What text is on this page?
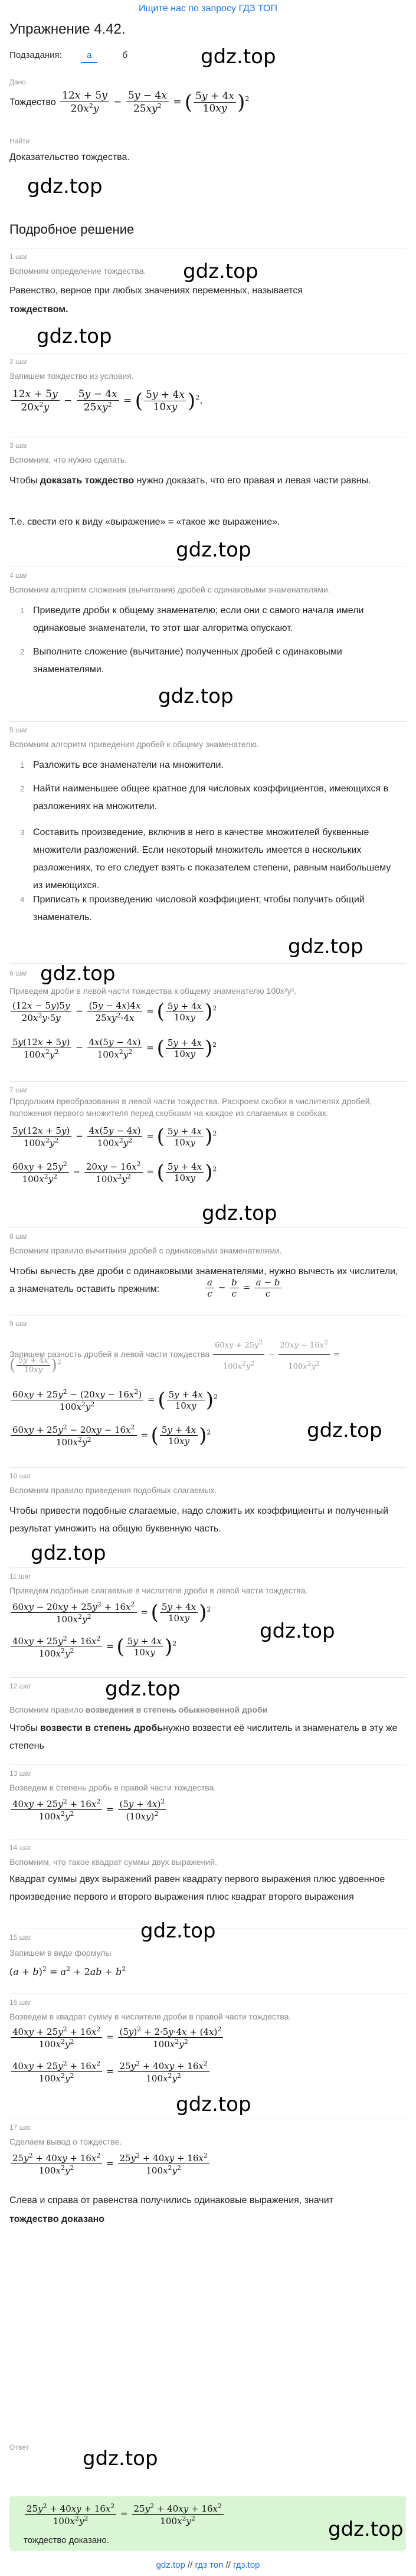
Ищите нас по запросу ГДЗ ТОП
Упражнение 4.42.
Подзадания:	а	б	gdz.top
Дано
Тождество $\frac{12x + 5y}{20x^2y} - \frac{5y - 4x}{25xy^2}$ = ( $\frac{5y + 4x}{10xy} )^2$
Найти
Доказательство тождества.
gdz.top
Подробное решение
1 шаг
Вспомним определение тождества.	gdz.top
Равенство, верное при любых значениях переменных, называется
тождеством.
gdz.top
2 шаг
Запишем тождество из условия.
$\frac{12x + 5y}{20x^2y} - \frac{5y - 4x}{25xy^2}$ = ( $\frac{5y + 4x}{10xy} )^2$.
3 шаг
Вспомним, что нужно сделать.
Чтобы доказать тождество нужно доказать, что его правая и левая части равны.
Т.е. свести его к виду «выражение» = «такое же выражение».
gdz.top
4 шаг
Вспомним алгоритм сложения (вычитания) дробей с одинаковыми знаменателями.
1 Приведите дроби к общему знаменателю; если они с самого начала имели одинаковые знаменатели, то этот шаг алгоритма опускают.
2 Выполните сложение (вычитание) полученных дробей с одинаковыми знаменателями.
gdz.top
5 шаг
Вспомним алгоритм приведения дробей к общему знаменателю.
1 Разложить все знаменатели на множители.
2 Найти наименьшее общее кратное для числовых коэффициентов, имеющихся в разложениях на множители.
3 Составить произведение, включив в него в качестве множителей буквенные множители разложений. Если некоторый множитель имеется в нескольких разложениях, то его следует взять с показателем степени, равным наибольшему из имеющихся.
4 Приписать к произведению числовой коэффициент, чтобы получить общий знаменатель.
gdz.top
6 шаг gdz.top
Приведем дроби в левой части тождества к общему знаменателю 100x²y².
$\frac{(12x - 5y)5y}{20x^2y\cdot 5y} - \frac{(5y - 4x)4x}{25xy^2\cdot 4x}$ = ( $\frac{5y + 4x}{10xy} )^2$
$\frac{5y(12x + 5y)}{100x^2y^2} - \frac{4x(5y - 4x)}{100x^2y^2}$ = ( $\frac{5y + 4x}{10xy} )^2$
7 шаг
Продолжим преобразования в левой части тождества. Раскроем скобки в числителях дробей, положения первого множителя перед скобками на каждое из слагаемых в скобках.
$\frac{5y(12x + 5y)}{100x^2y^2} - \frac{4x(5y - 4x)}{100x^2y^2}$ = ( $\frac{5y + 4x}{10xy} )^2$
$\frac{60xy + 25y^2}{100x^2y^2} - \frac{20xy - 16x^2}{100x^2y^2}$ = ( $\frac{5y + 4x}{10xy} )^2$
gdz.top
8 шаг
Вспомним правило вычитания дробей с одинаковыми знаменателями.
Чтобы вычесть две дроби с одинаковыми знаменателями, нужно вычесть их числители, а знаменатель оставить прежним:	$\frac{a}{c} - \frac{b}{c} = \frac{a - b}{c}$
9 шаг
Запишем разность дробей в левой части тождества $\frac{60xy + 25y^2}{100x^2y^2} - \frac{20xy - 16x^2}{100x^2y^2}$ =
( $\frac{5y + 4x}{10xy} )^2$
$\frac{60xy + 25y^2 - (20xy - 16x^2)}{100x^2y^2}$ = ( $\frac{5y + 4x}{10xy} )^2$
$\frac{60xy + 25y^2 - 20xy - 16x^2}{100x^2y^2}$ = ( $\frac{5y + 4x}{10xy} )^2$	gdz.top
10 шаг
Вспомним правило приведения подобных слагаемых.
Чтобы привести подобные слагаемые, надо сложить их коэффициенты и полученный результат умножить на общую буквенную часть.
gdz.top
11 шаг
Приведем подобные слагаемые в числителе дроби в левой части тождества.
$\frac{60xy - 20xy + 25y^2 + 16x^2}{100x^2y^2}$ = ( $\frac{5y + 4x}{10xy} )^2$
$\frac{40xy + 25y^2 + 16x^2}{100x^2y^2}$ = ( $\frac{5y + 4x}{10xy} )^2$
gdz.top
12 шаг	gdz.top
Вспомним правило возведения в степень обыкновенной дроби
Чтобы возвести в степень дробьнужно возвести её числитель и знаменатель в эту же степень
13 шаг
Возведем в степень дробь в правой части тождества.
$\frac{40xy + 25y^2 + 16x^2}{100x^2y^2} = \frac{(5y + 4x)^2}{(10xy)^2}$
14 шаг
Вспомним, что такое квадрат суммы двух выражений.
Квадрат суммы двух выражений равен квадрату первого выражения плюс удвоенное произведение первого и второго выражения плюс квадрат второго выражения
gdz.top
15 шаг
Запишем в виде формулы
$(a + b)^2 = a^2 + 2ab + b^2$
16 шаг
Возведем в квадрат сумму в числителе дроби в правой части тождества.
$\frac{40xy + 25y^2 + 16x^2}{100x^2y^2} = \frac{(5y)^2 + 2\cdot 5y\cdot 4x + (4x)^2}{100x^2y^2}$
$\frac{40xy + 25y^2 + 16x^2}{100x^2y^2} = \frac{25y^2 + 40xy + 16x^2}{100x^2y^2}$
gdz.top
17 шаг
Сделаем вывод о тождестве.
$\frac{25y^2 + 40xy + 16x^2}{100x^2y^2} = \frac{25y^2 + 40xy + 16x^2}{100x^2y^2}$
Слева и справа от равенства получились одинаковые выражения, значит
тождество доказано
Ответ	gdz.top
$\frac{25y^2 + 40xy + 16x^2}{100x^2y^2} = \frac{25y^2 + 40xy + 16x^2}{100x^2y^2}$
тождество доказано.	gdz.top
gdz.top // гдз топ // гдз.top
